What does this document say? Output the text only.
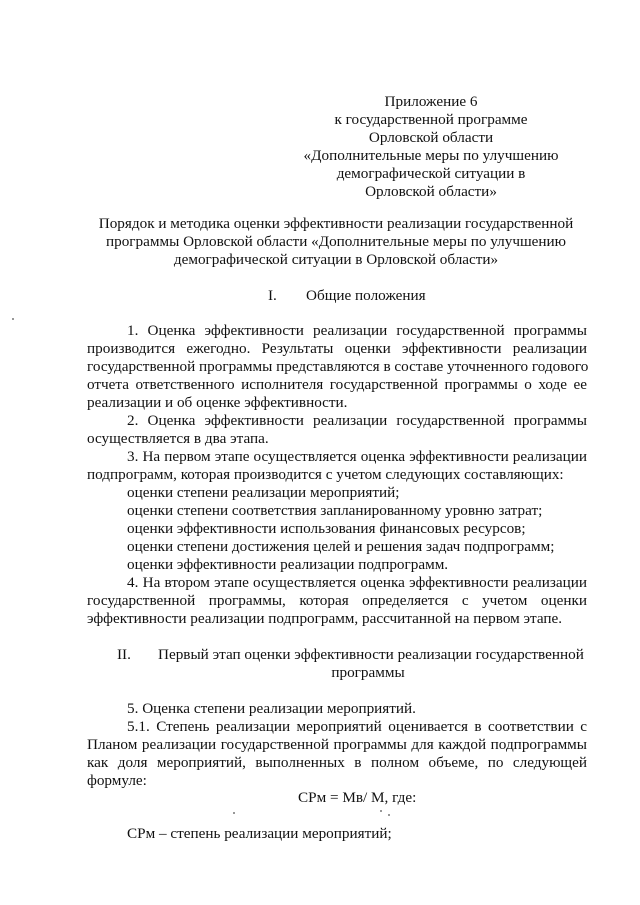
Приложение 6
к государственной программе
Орловской области
«Дополнительные меры по улучшению
демографической ситуации в
Орловской области»
Порядок и методика оценки эффективности реализации государственной
программы Орловской области «Дополнительные меры по улучшению
демографической ситуации в Орловской области»
I. Общие положения
1. Оценка эффективности реализации государственной программы
производится ежегодно. Результаты оценки эффективности реализации
государственной программы представляются в составе уточненного годового
отчета ответственного исполнителя государственной программы о ходе ее
реализации и об оценке эффективности.
2. Оценка эффективности реализации государственной программы
осуществляется в два этапа.
3. На первом этапе осуществляется оценка эффективности реализации
подпрограмм, которая производится с учетом следующих составляющих:
оценки степени реализации мероприятий;
оценки степени соответствия запланированному уровню затрат;
оценки эффективности использования финансовых ресурсов;
оценки степени достижения целей и решения задач подпрограмм;
оценки эффективности реализации подпрограмм.
4. На втором этапе осуществляется оценка эффективности реализации
государственной программы, которая определяется с учетом оценки
эффективности реализации подпрограмм, рассчитанной на первом этапе.
II. Первый этап оценки эффективности реализации государственной
программы
5. Оценка степени реализации мероприятий.
5.1. Степень реализации мероприятий оценивается в соответствии с
Планом реализации государственной программы для каждой подпрограммы
как доля мероприятий, выполненных в полном объеме, по следующей
формуле:
СРм = Мв/ М, где:
СРм – степень реализации мероприятий;
